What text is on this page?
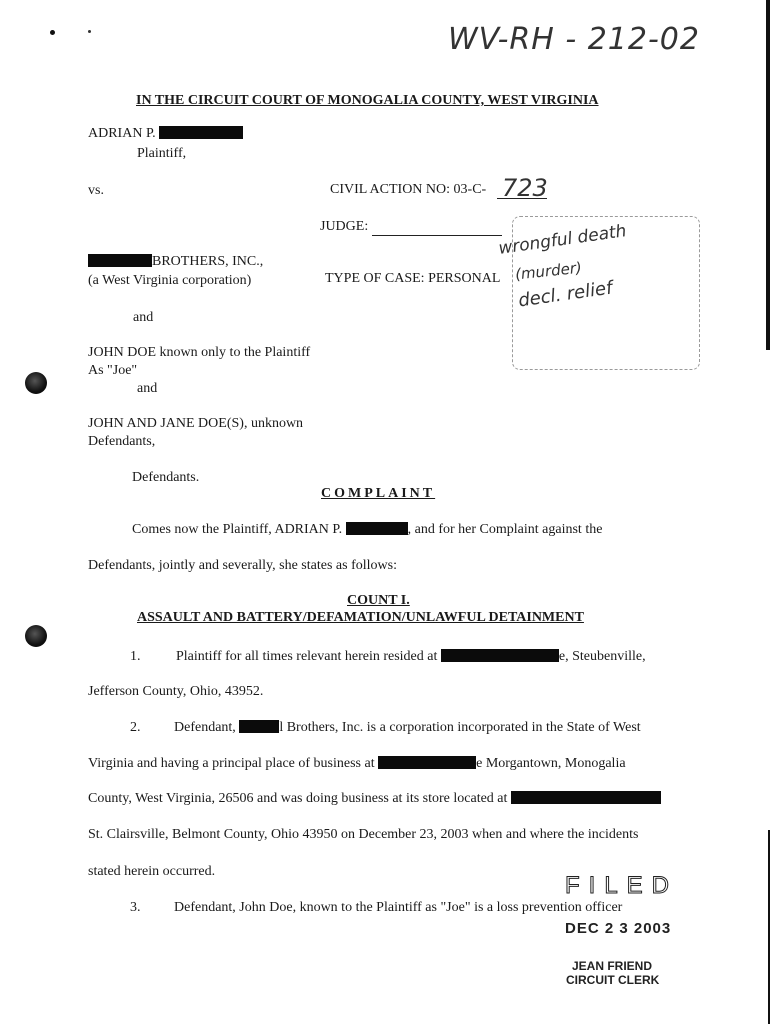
WV-RH - 212-02
IN THE CIRCUIT COURT OF MONOGALIA COUNTY, WEST VIRGINIA
ADRIAN P.
Plaintiff,
vs.	CIVIL ACTION NO: 03-C- 723
JUDGE:	wrongful death
(murder)
decl. relief
BROTHERS, INC.,
(a West Virginia corporation)	TYPE OF CASE: PERSONAL
and
JOHN DOE known only to the Plaintiff
As "Joe"
and
JOHN AND JANE DOE(S), unknown
Defendants,
Defendants.
COMPLAINT
Comes now the Plaintiff, ADRIAN P.	, and for her Complaint against the
Defendants, jointly and severally, she states as follows:
COUNT I.
ASSAULT AND BATTERY/DEFAMATION/UNLAWFUL DETAINMENT
1.	Plaintiff for all times relevant herein resided at	e, Steubenville,
Jefferson County, Ohio, 43952.
2. Defendant,	l Brothers, Inc. is a corporation incorporated in the State of West
Virginia and having a principal place of business at	e Morgantown, Monogalia
County, West Virginia, 26506 and was doing business at its store located at
St. Clairsville, Belmont County, Ohio 43950 on December 23, 2003 when and where the incidents
stated herein occurred.
3. Defendant, John Doe, known to the Plaintiff as "Joe" is a loss prevention officer
FILED
DEC 2 3 2003
JEAN FRIEND
CIRCUIT CLERK
